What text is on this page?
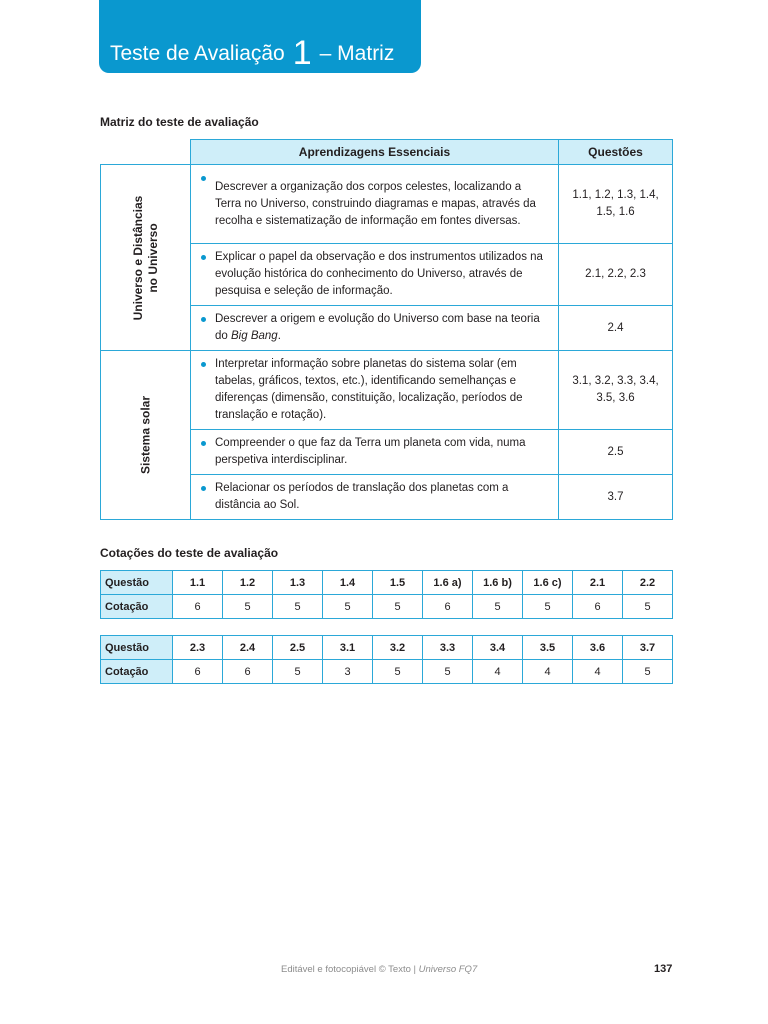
Teste de Avaliação 1 – Matriz
Matriz do teste de avaliação
	Aprendizagens Essenciais	Questões

Universo e Distâncias no Universo	Descrever a organização dos corpos celestes, localizando a Terra no Universo, construindo diagramas e mapas, através da recolha e sistematização de informação em fontes diversas.	1.1, 1.2, 1.3, 1.4, 1.5, 1.6

Explicar o papel da observação e dos instrumentos utilizados na evolução histórica do conhecimento do Universo, através de pesquisa e seleção de informação.	2.1, 2.2, 2.3

Descrever a origem e evolução do Universo com base na teoria do Big Bang.	2.4

Sistema solar	Interpretar informação sobre planetas do sistema solar (em tabelas, gráficos, textos, etc.), identificando semelhanças e diferenças (dimensão, constituição, localização, períodos de translação e rotação).	3.1, 3.2, 3.3, 3.4, 3.5, 3.6

Compreender o que faz da Terra um planeta com vida, numa perspetiva interdisciplinar.	2.5

Relacionar os períodos de translação dos planetas com a distância ao Sol.	3.7
Cotações do teste de avaliação
Questão	1.1	1.2	1.3	1.4	1.5	1.6 a)	1.6 b)	1.6 c)	2.1	2.2
Cotação	6	5	5	5	5	6	5	5	6	5
Questão	2.3	2.4	2.5	3.1	3.2	3.3	3.4	3.5	3.6	3.7
Cotação	6	6	5	3	5	5	4	4	4	5
Editável e fotocopiável © Texto | Universo FQ7	137
